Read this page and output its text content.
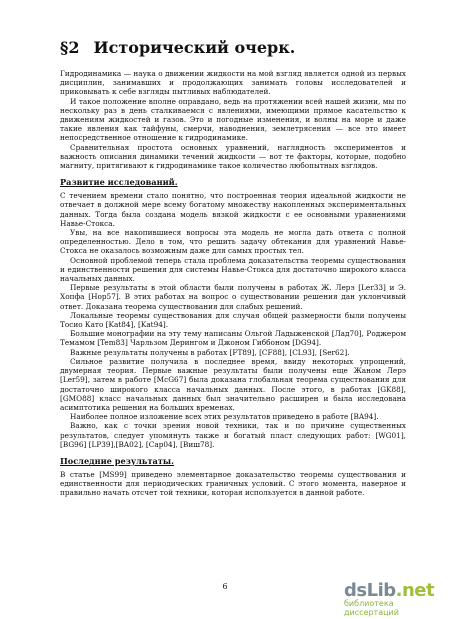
§2 Исторический очерк.

Гидродинамика — наука о движении жидкости на мой взгляд является одной из первых дисциплин, занимавших и продолжающих занимать головы исследователей и приковывать к себе взгляды пытливых наблюдателей.

И такое положение вполне оправдано, ведь на протяжении всей нашей жизни, мы по нескольку раз в день сталкиваемся с явлениями, имеющими прямое касательство к движениям жидкостей и газов. Это и погодные изменения, и волны на море и даже такие явления как тайфуны, смерчи, наводнения, землетрясения — все это имеет непосредственное отношение к гидродинамике.

Сравнительная простота основных уравнений, наглядность экспериментов и важность описания динамики течений жидкости — вот те факторы, которые, подобно магниту, притягивают к гидродинамике такое количество любопытных взглядов.

Развитие исследований.

С течением времени стало понятно, что построенная теория идеальной жидкости не отвечает в должной мере всему богатому множеству накопленных экспериментальных данных. Тогда была создана модель вязкой жидкости с ее основными уравнениями Навье-Стокса.

Увы, на все накопившиеся вопросы эта модель не могла дать ответа с полной определенностью. Дело в том, что решить задачу обтекания для уравнений Навье-Стокса не оказалось возможным даже для самых простых тел.

Основной проблемой теперь стала проблема доказательства теоремы существования и единственности решения для системы Навье-Стокса для достаточно широкого класса начальных данных.

Первые результаты в этой области были получены в работах Ж. Лерэ [Ler33] и Э. Хопфа [Hop57]. В этих работах на вопрос о существовании решения дан уклончивый ответ. Доказана теорема существования для слабых решений.

Локальные теоремы существования для случая общей размерности были получены Тосио Като [Kat84], [Kat94].

Большие монографии на эту тему написаны Ольгой Ладыженской [Лад70], Роджером Темамом [Tem83] Чарльзом Дерингом и Джоном Гиббоном [DG94].

Важные результаты получены в работах [FT89], [CF88], [CL93], [Ser62].

Сильное развитие получила в последнее время, ввиду некоторых упрощений, двумерная теория. Первые важные результаты были получены еще Жаном Лерэ [Ler59], затем в работе [McG67] была доказана глобальная теорема существования для достаточно широкого класса начальных данных. После этого, в работах [GK88], [GMO88] класс начальных данных был значительно расширен и была исследована асимптотика решения на больших временах.

Наиболее полное изложение всех этих результатов приведено в работе [BA94].

Важно, как с точки зрения новой техники, так и по причине существенных результатов, следует упомянуть также и богатый пласт следующих работ: [WG01], [BG96] [LP39],[BA02], [Cap04], [Виш78].

Последние результаты.

В статье [MS99] приведено элементарное доказательство теоремы существования и единственности для периодических граничных условий. С этого момента, наверное и правильно начать отсчет той техники, которая используется в данной работе.

6	dsLib.net
библиотека диссертаций
